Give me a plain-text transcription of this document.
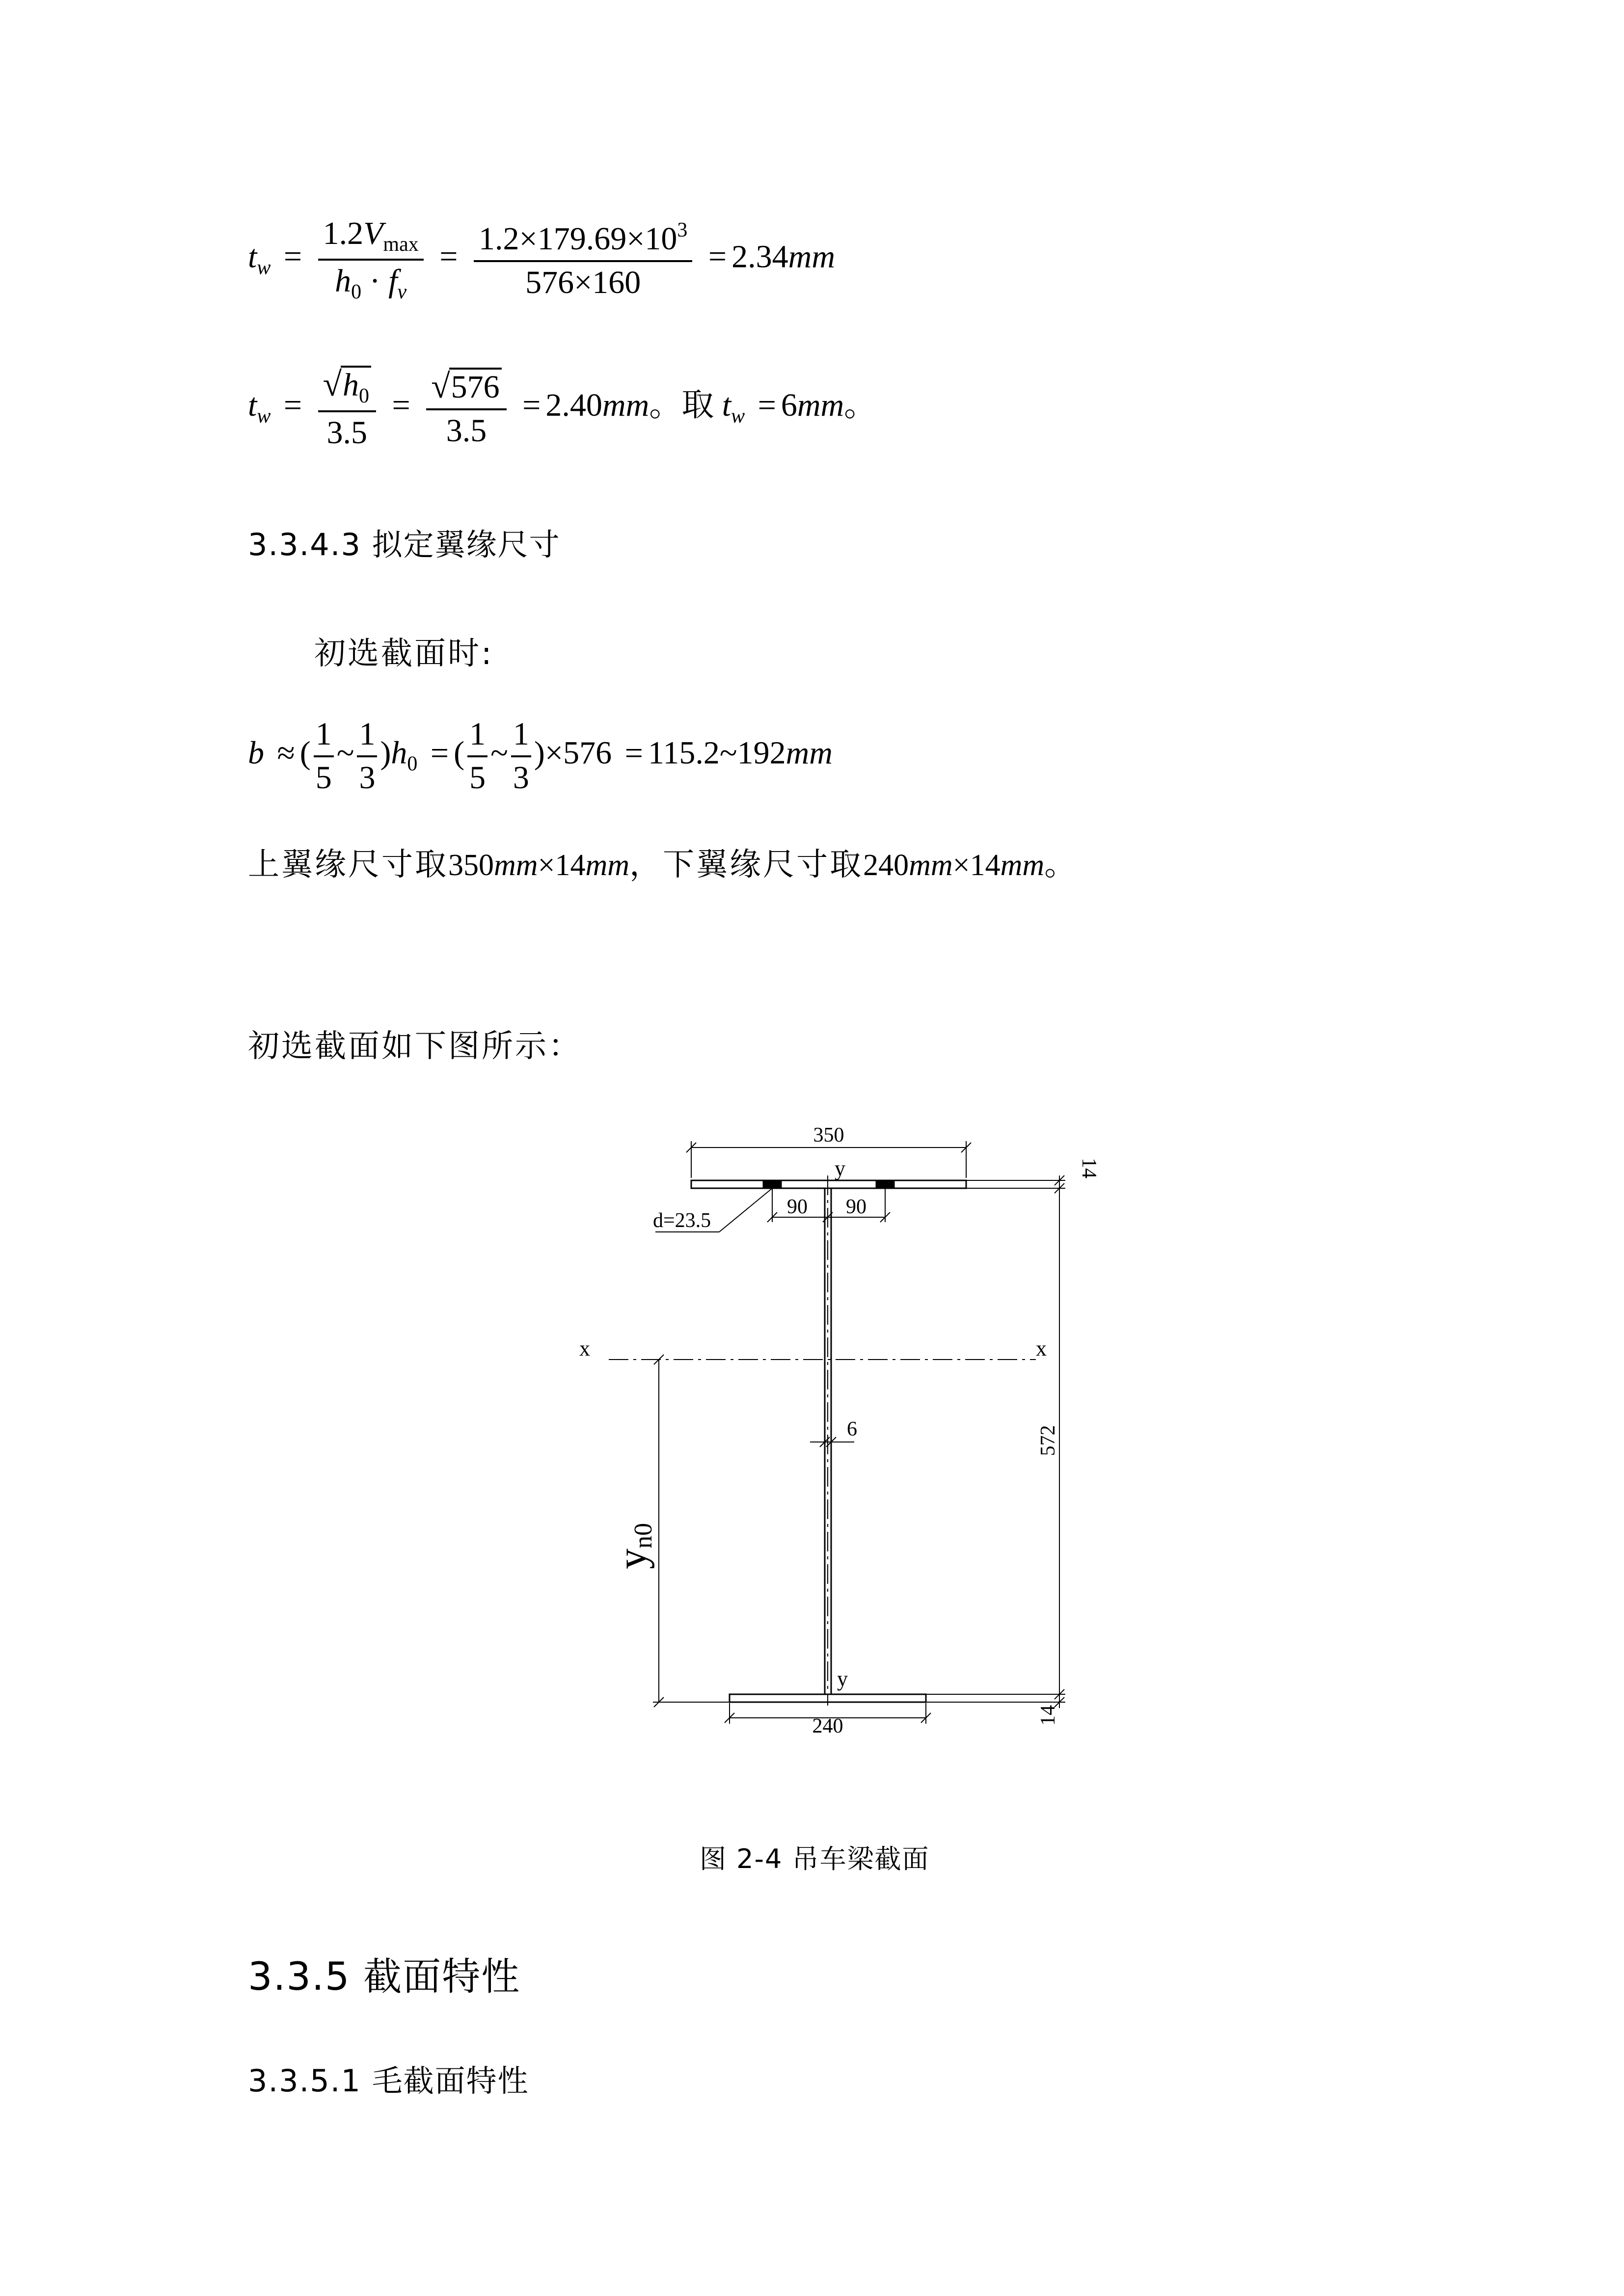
$t_w = \frac{1.2V_{max}}{h_0 \cdot f_v} = \frac{1.2\times 179.69\times 10^3}{576\times 160} = 2.34mm$
$t_w = \frac{√h_0}{3.5} = \frac{√576}{3.5} = 2.40mm$。取 $t_w = 6mm$。
3.3.4.3 拟定翼缘尺寸
初选截面时:
b ≈ ( $\frac{1}{5}$ ~ $\frac{1}{3} )h_0$ = ( $\frac{1}{5}$ ~ $\frac{1}{3} )\times 576$ = 115.2~192mm
上翼缘尺寸取350mm×14mm，下翼缘尺寸取240mm×14mm。
初选截面如下图所示：
350
240
90 90
d=23.5
6	572
14
14
x	x
y
y
yn0
图 2-4 吊车梁截面
3.3.5 截面特性
3.3.5.1 毛截面特性
